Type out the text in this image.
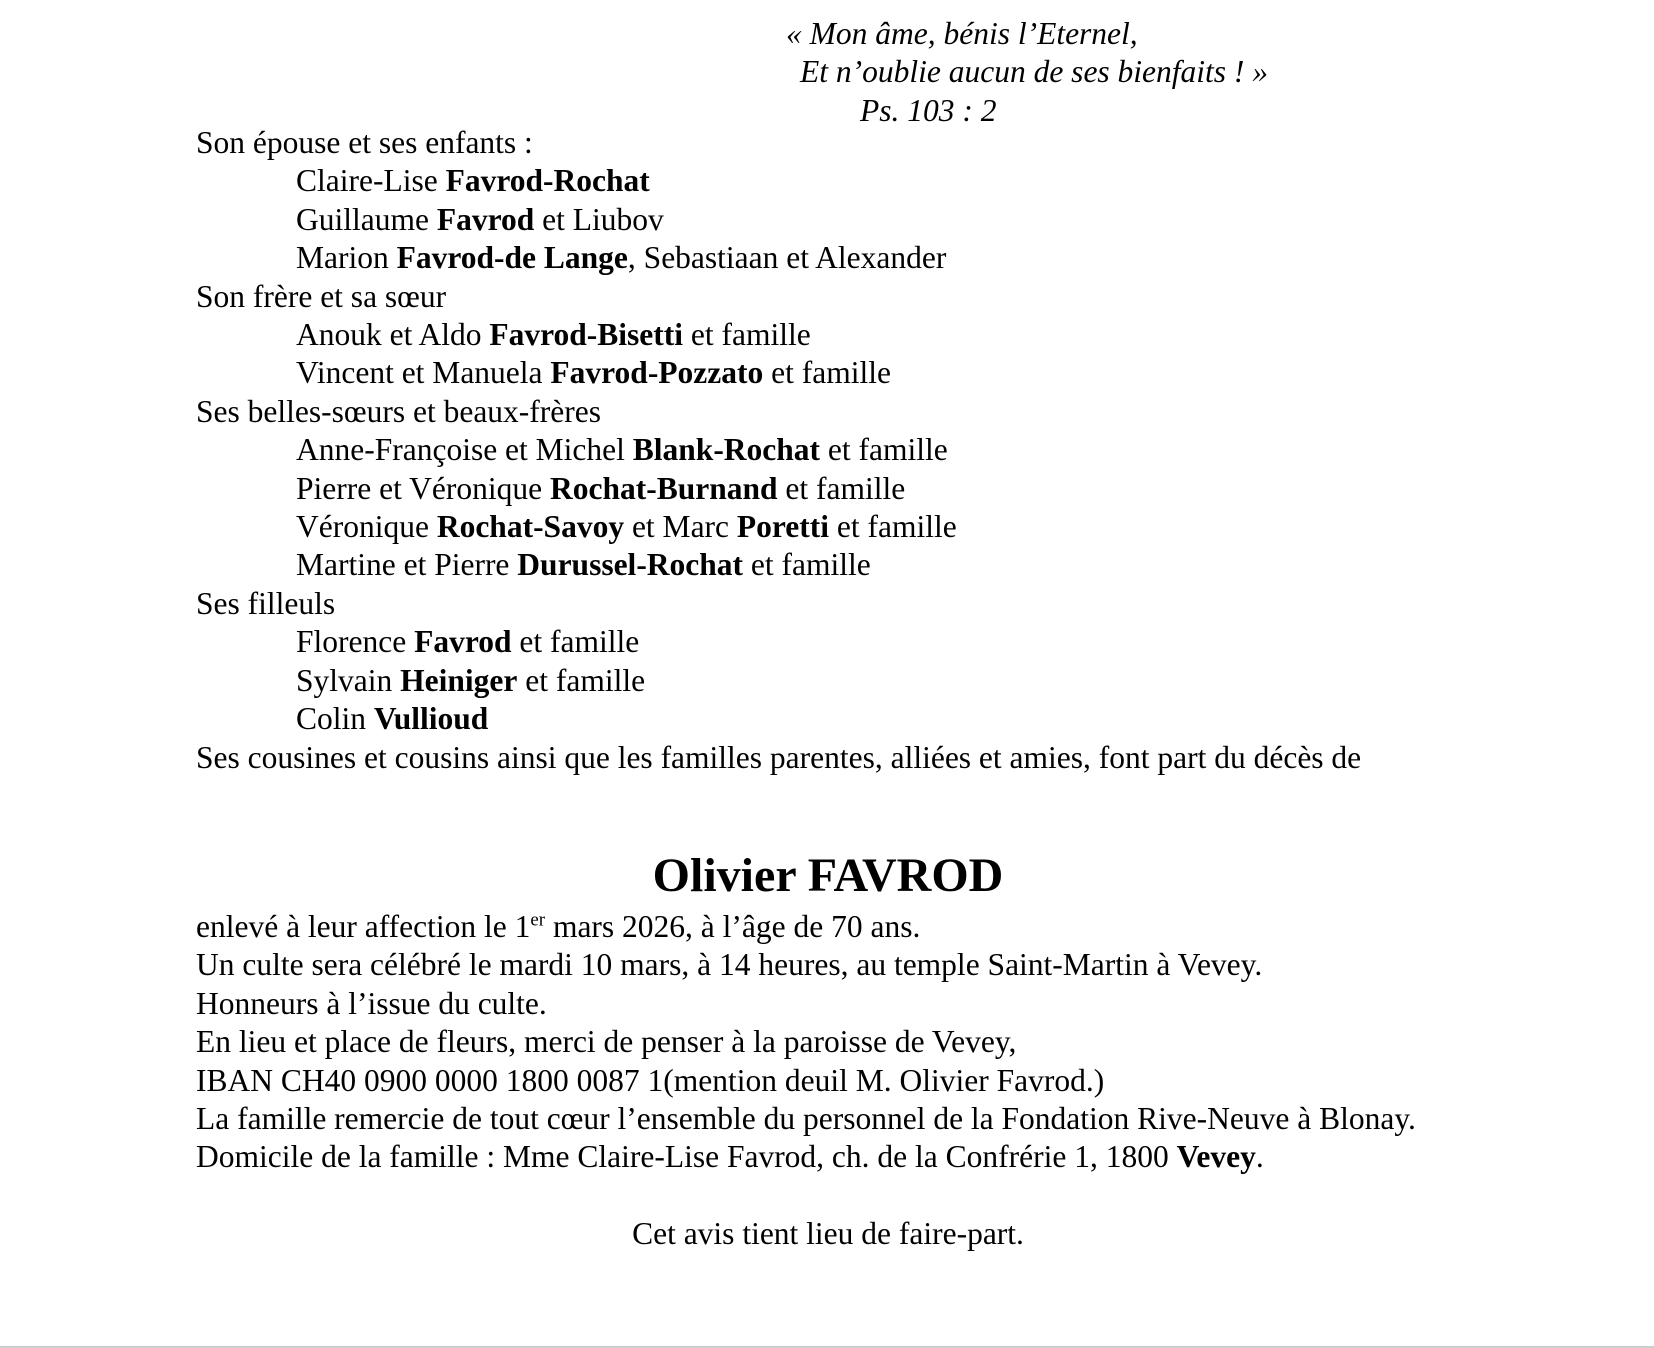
« Mon âme, bénis l’Eternel,
Et n’oublie aucun de ses bienfaits ! »
Ps. 103 : 2
Son épouse et ses enfants :
Claire-Lise Favrod-Rochat
Guillaume Favrod et Liubov
Marion Favrod-de Lange, Sebastiaan et Alexander
Son frère et sa sœur
Anouk et Aldo Favrod-Bisetti et famille
Vincent et Manuela Favrod-Pozzato et famille
Ses belles-sœurs et beaux-frères
Anne-Françoise et Michel Blank-Rochat et famille
Pierre et Véronique Rochat-Burnand et famille
Véronique Rochat-Savoy et Marc Poretti et famille
Martine et Pierre Durussel-Rochat et famille
Ses filleuls
Florence Favrod et famille
Sylvain Heiniger et famille
Colin Vullioud
Ses cousines et cousins ainsi que les familles parentes, alliées et amies, font part du décès de
Olivier FAVROD
enlevé à leur affection le 1er mars 2026, à l’âge de 70 ans.
Un culte sera célébré le mardi 10 mars, à 14 heures, au temple Saint-Martin à Vevey.
Honneurs à l’issue du culte.
En lieu et place de fleurs, merci de penser à la paroisse de Vevey,
IBAN CH40 0900 0000 1800 0087 1(mention deuil M. Olivier Favrod.)
La famille remercie de tout cœur l’ensemble du personnel de la Fondation Rive-Neuve à Blonay.
Domicile de la famille : Mme Claire-Lise Favrod, ch. de la Confrérie 1, 1800 Vevey.
Cet avis tient lieu de faire-part.
